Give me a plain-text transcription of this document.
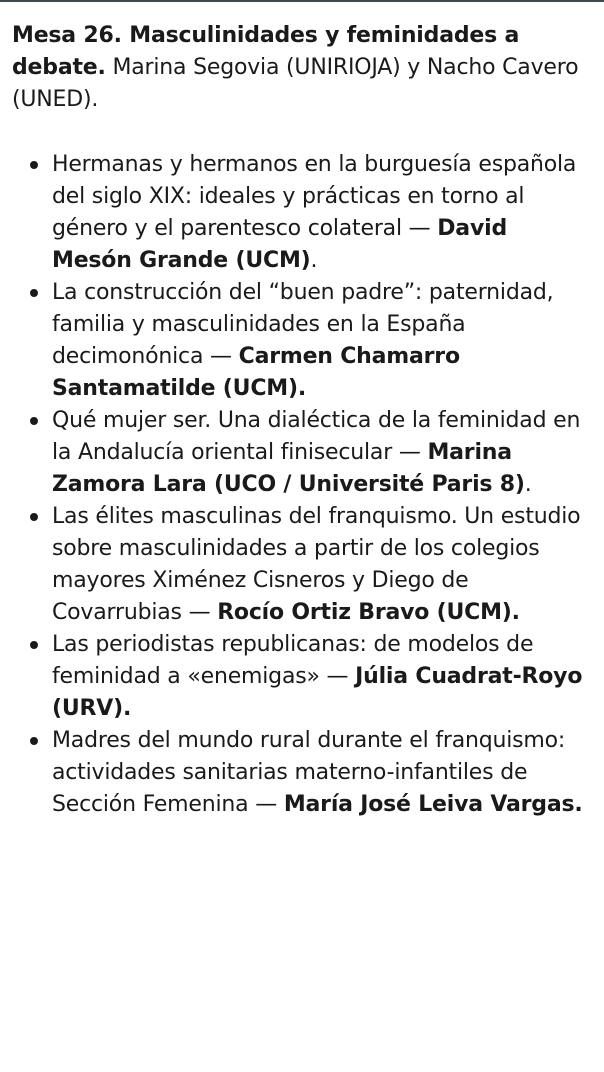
Mesa 26. Masculinidades y feminidades a debate. Marina Segovia (UNIRIOJA) y Nacho Cavero (UNED).

Hermanas y hermanos en la burguesía española del siglo XIX: ideales y prácticas en torno al género y el parentesco colateral — David Mesón Grande (UCM).
La construcción del “buen padre”: paternidad, familia y masculinidades en la España decimonónica — Carmen Chamarro Santamatilde (UCM).
Qué mujer ser. Una dialéctica de la feminidad en la Andalucía oriental finisecular — Marina Zamora Lara (UCO / Université Paris 8).
Las élites masculinas del franquismo. Un estudio sobre masculinidades a partir de los colegios mayores Ximénez Cisneros y Diego de Covarrubias — Rocío Ortiz Bravo (UCM).
Las periodistas republicanas: de modelos de feminidad a «enemigas» — Júlia Cuadrat-Royo (URV).
Madres del mundo rural durante el franquismo: actividades sanitarias materno-infantiles de Sección Femenina — María José Leiva Vargas.
